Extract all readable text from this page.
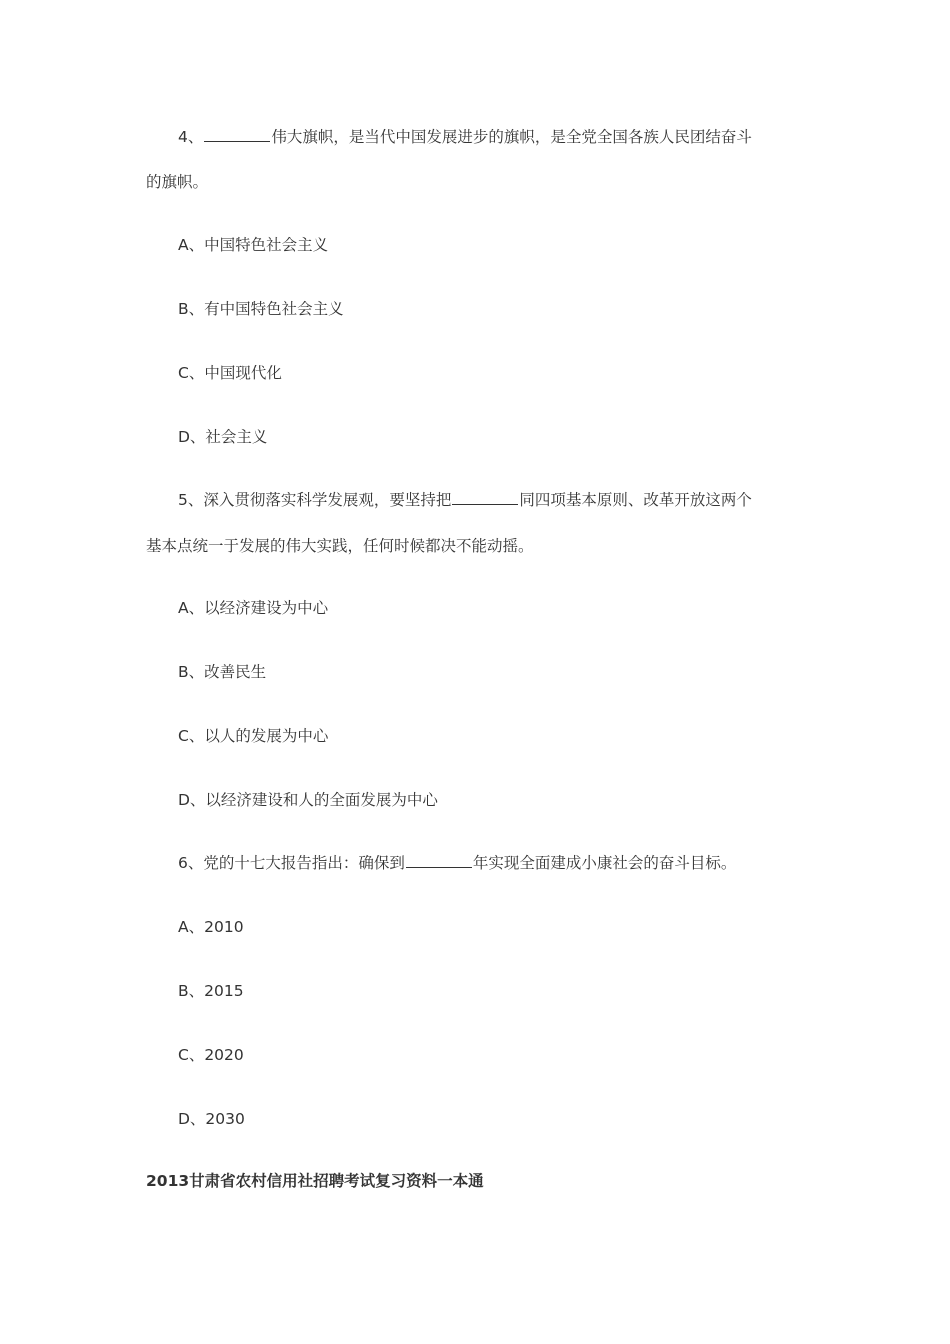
4、	伟大旗帜，是当代中国发展进步的旗帜，是全党全国各族人民团结奋斗
的旗帜。
A、中国特色社会主义
B、有中国特色社会主义
C、中国现代化
D、社会主义
5、深入贯彻落实科学发展观，要坚持把	同四项基本原则、改革开放这两个
基本点统一于发展的伟大实践，任何时候都决不能动摇。
A、以经济建设为中心
B、改善民生
C、以人的发展为中心
D、以经济建设和人的全面发展为中心
6、党的十七大报告指出：确保到	年实现全面建成小康社会的奋斗目标。
A、2010
B、2015
C、2020
D、2030
2013甘肃省农村信用社招聘考试复习资料一本通
